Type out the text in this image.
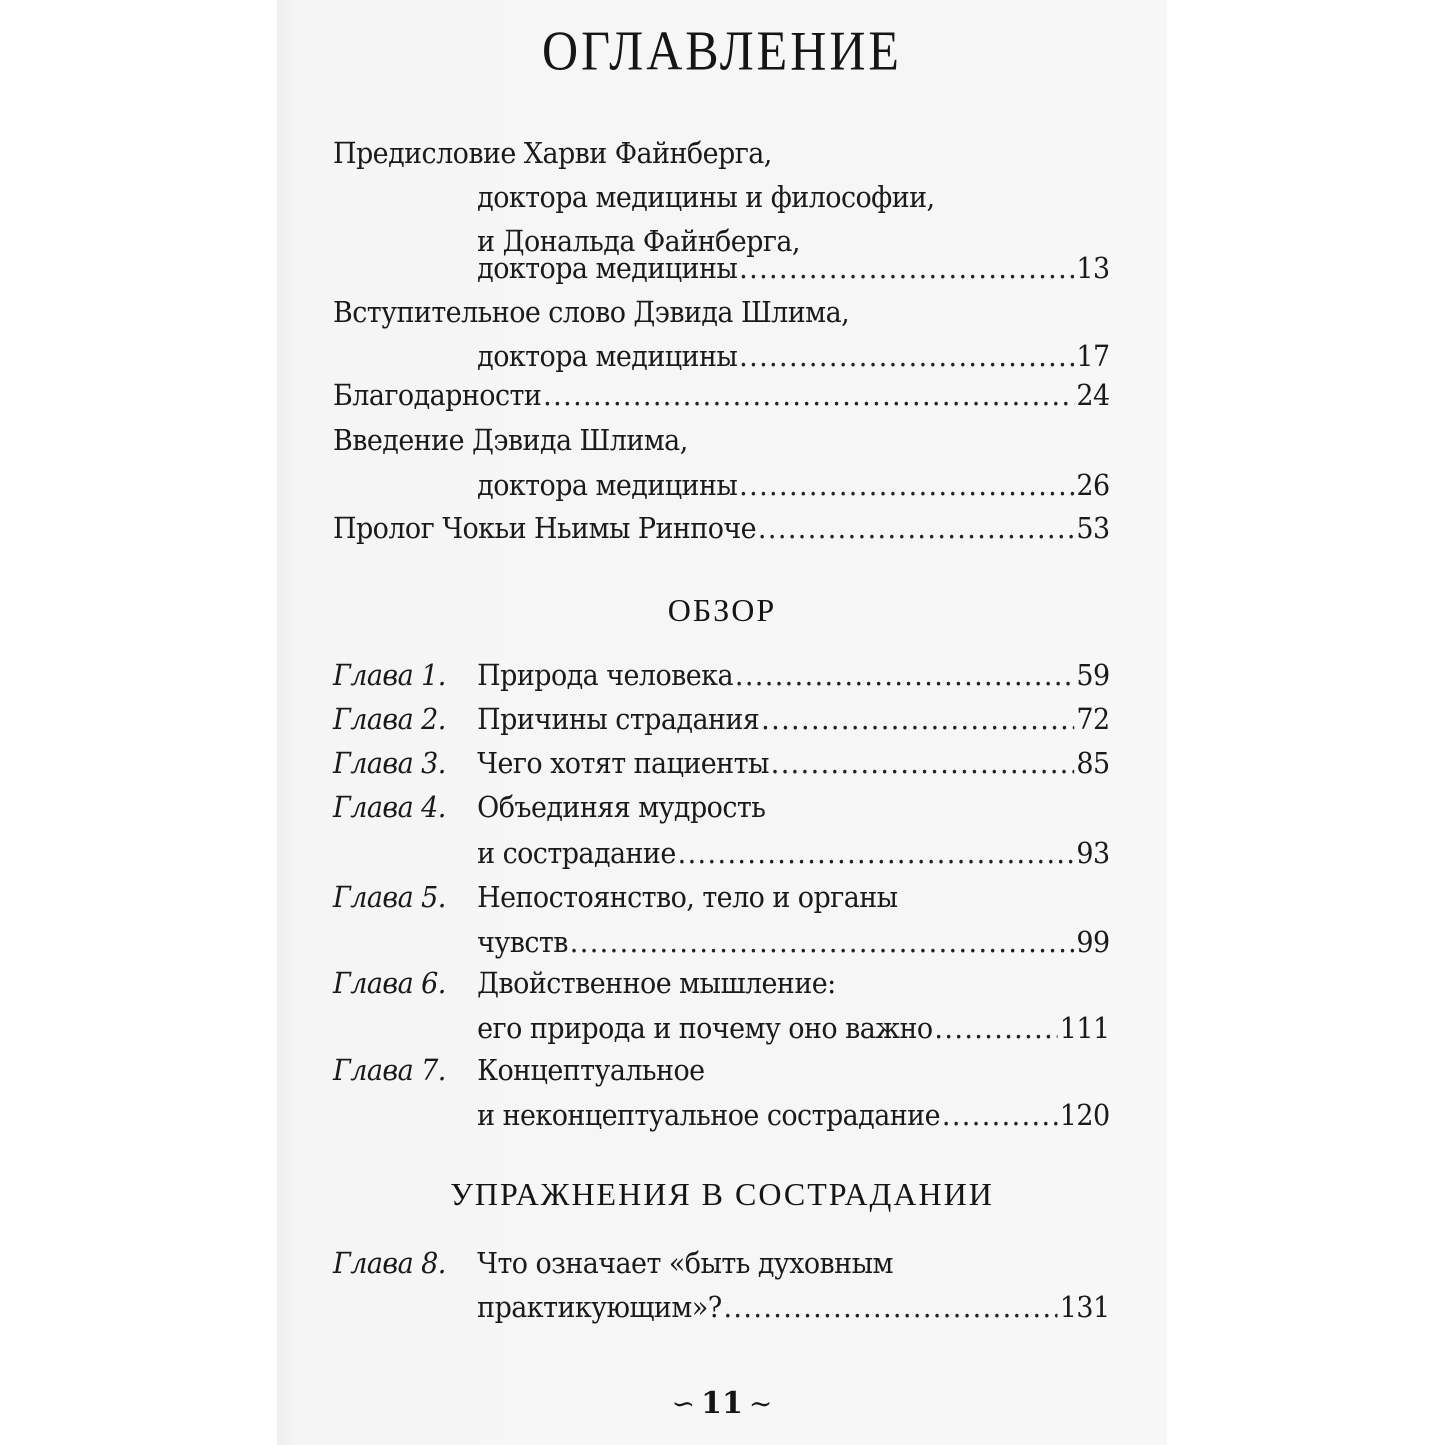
ОГЛАВЛЕНИЕ
Предисловие Харви Файнберга,
доктора медицины и философии,
и Дональда Файнберга,
доктора медицины .....	13
Вступительное слово Дэвида Шлима,
доктора медицины .....	17
Благодарности .....	24
Введение Дэвида Шлима,
доктора медицины .....	26
Пролог Чокьи Ньимы Ринпоче .....	53
ОБЗОР
Глава 1.	Природа человека .....	59
Глава 2.	Причины страдания .....	72
Глава 3.	Чего хотят пациенты .....	85
Глава 4.	Объединяя мудрость
и сострадание .....	93
Глава 5.	Непостоянство, тело и органы
чувств .....	99
Глава 6.	Двойственное мышление:
его природа и почему оно важно .....	111
Глава 7.	Концептуальное
и неконцептуальное сострадание .....	120
УПРАЖНЕНИЯ В СОСТРАДАНИИ
Глава 8.	Что означает «быть духовным
практикующим»? .....	131
∽ 11 ∼
